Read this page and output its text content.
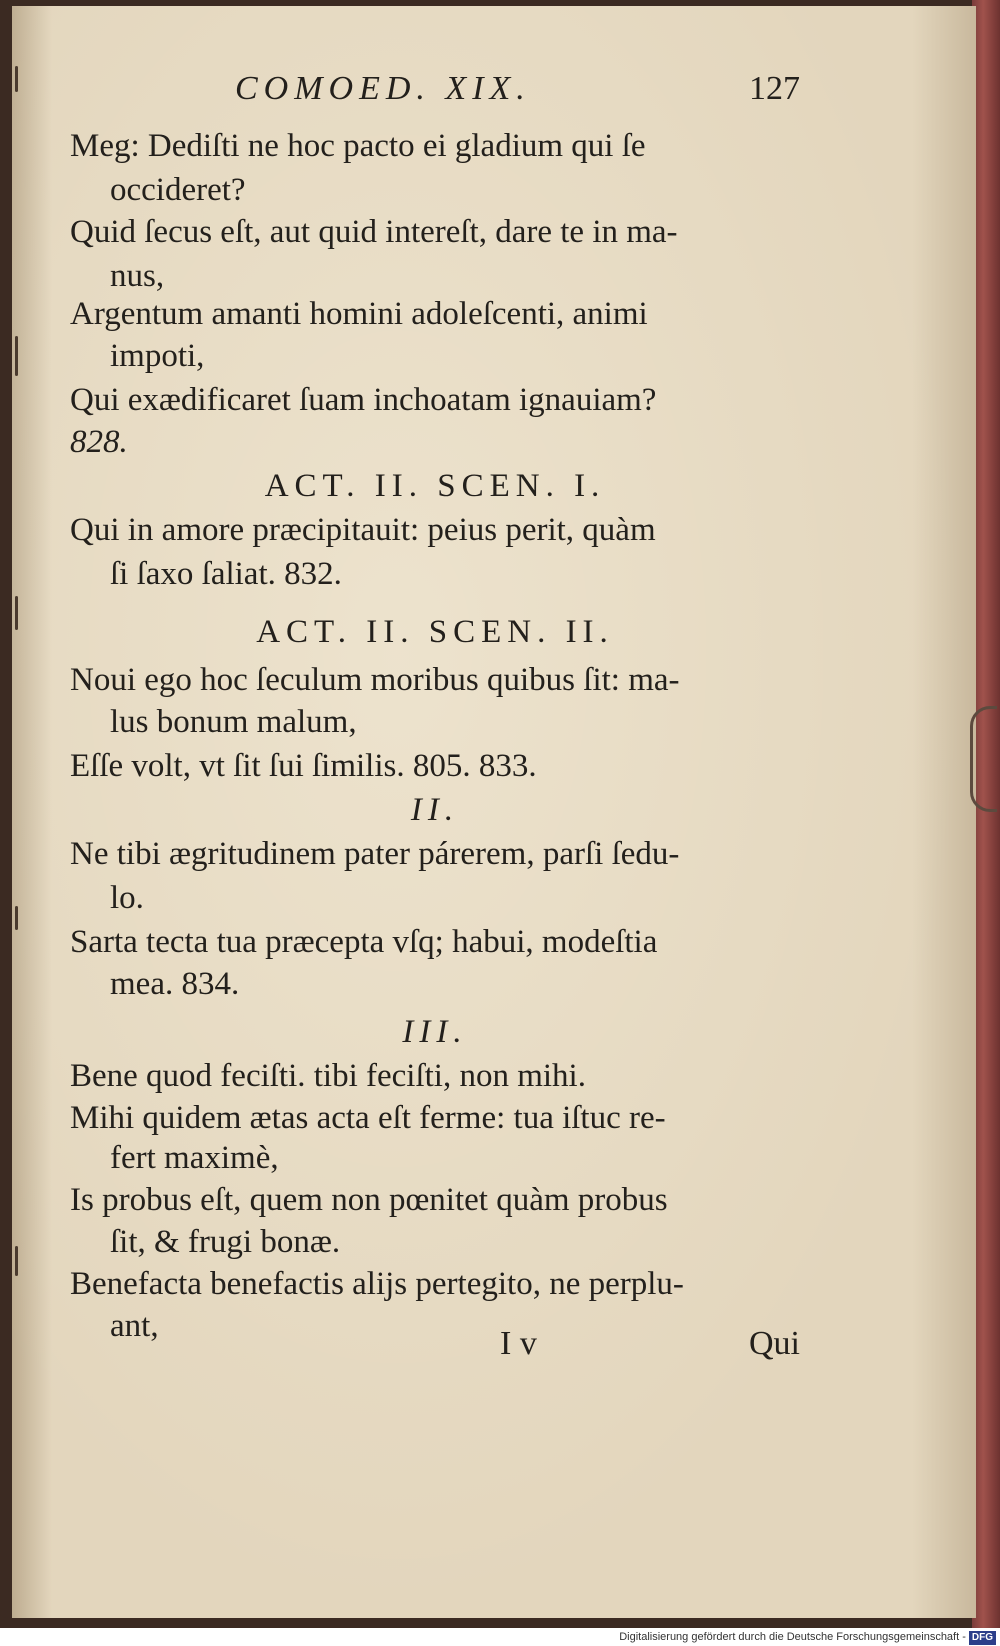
COMOED. XIX.	127
Meg: Dediſti ne hoc pacto ei gladium qui ſe
occideret?
Quid ſecus eſt, aut quid intereſt, dare te in ma-
nus,
Argentum amanti homini adoleſcenti, animi
impoti,
Qui exædificaret ſuam inchoatam ignauiam?
828.
ACT. II. SCEN. I.
Qui in amore præcipitauit: peius perit, quàm
ſi ſaxo ſaliat. 832.
ACT. II. SCEN. II.
Noui ego hoc ſeculum moribus quibus ſit: ma-
lus bonum malum,
Eſſe volt, vt ſit ſui ſimilis. 805. 833.
II.
Ne tibi ægritudinem pater párerem, parſi ſedu-
lo.
Sarta tecta tua præcepta vſq; habui, modeſtia
mea. 834.
III.
Bene quod feciſti. tibi feciſti, non mihi.
Mihi quidem ætas acta eſt ferme: tua iſtuc re-
fert maximè,
Is probus eſt, quem non pœnitet quàm probus
ſit, & frugi bonæ.
Benefacta benefactis alijs pertegito, ne perplu-
ant,	I v	Qui
Digitalisierung gefördert durch die Deutsche Forschungsgemeinschaft - DFG
